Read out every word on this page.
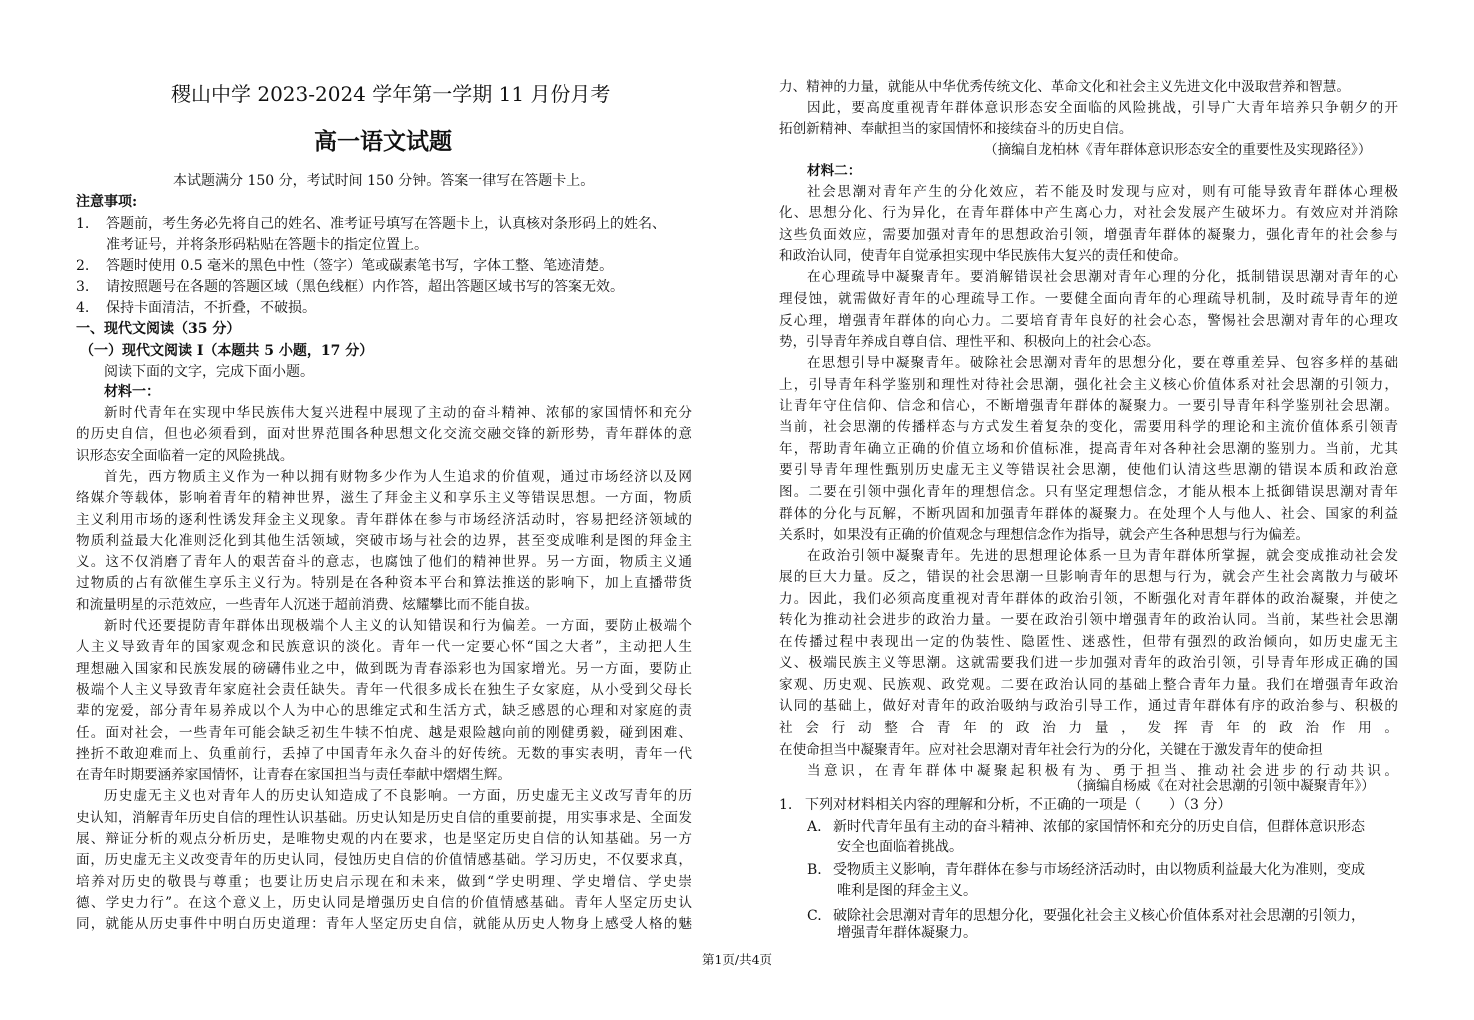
稷山中学 2023-2024 学年第一学期 11 月份月考
高一语文试题
本试题满分 150 分，考试时间 150 分钟。答案一律写在答题卡上。
注意事项:
1. 答题前，考生务必先将自己的姓名、准考证号填写在答题卡上，认真核对条形码上的姓名、
准考证号，并将条形码粘贴在答题卡的指定位置上。
2. 答题时使用 0.5 毫米的黑色中性（签字）笔或碳素笔书写，字体工整、笔迹清楚。
3. 请按照题号在各题的答题区域（黑色线框）内作答，超出答题区域书写的答案无效。
4. 保持卡面清洁，不折叠，不破损。
一、现代文阅读（35 分）
（一）现代文阅读 I（本题共 5 小题，17 分）
阅读下面的文字，完成下面小题。
材料一：
新时代青年在实现中华民族伟大复兴进程中展现了主动的奋斗精神、浓郁的家国情怀和充分
的历史自信，但也必须看到，面对世界范围各种思想文化交流交融交锋的新形势，青年群体的意
识形态安全面临着一定的风险挑战。
首先，西方物质主义作为一种以拥有财物多少作为人生追求的价值观，通过市场经济以及网
络媒介等载体，影响着青年的精神世界，滋生了拜金主义和享乐主义等错误思想。一方面，物质
主义利用市场的逐利性诱发拜金主义现象。青年群体在参与市场经济活动时，容易把经济领域的
物质利益最大化准则泛化到其他生活领域，突破市场与社会的边界，甚至变成唯利是图的拜金主
义。这不仅消磨了青年人的艰苦奋斗的意志，也腐蚀了他们的精神世界。另一方面，物质主义通
过物质的占有欲催生享乐主义行为。特别是在各种资本平台和算法推送的影响下，加上直播带货
和流量明星的示范效应，一些青年人沉迷于超前消费、炫耀攀比而不能自拔。
新时代还要提防青年群体出现极端个人主义的认知错误和行为偏差。一方面，要防止极端个
人主义导致青年的国家观念和民族意识的淡化。青年一代一定要心怀“国之大者”，主动把人生
理想融入国家和民族发展的磅礴伟业之中，做到既为青春添彩也为国家增光。另一方面，要防止
极端个人主义导致青年家庭社会责任缺失。青年一代很多成长在独生子女家庭，从小受到父母长
辈的宠爱，部分青年易养成以个人为中心的思维定式和生活方式，缺乏感恩的心理和对家庭的责
任。面对社会，一些青年可能会缺乏初生牛犊不怕虎、越是艰险越向前的刚健勇毅，碰到困难、
挫折不敢迎难而上、负重前行，丢掉了中国青年永久奋斗的好传统。无数的事实表明，青年一代
在青年时期要涵养家国情怀，让青春在家国担当与责任奉献中熠熠生辉。
历史虚无主义也对青年人的历史认知造成了不良影响。一方面，历史虚无主义改写青年的历
史认知，消解青年历史自信的理性认识基础。历史认知是历史自信的重要前提，用实事求是、全面发
展、辩证分析的观点分析历史，是唯物史观的内在要求，也是坚定历史自信的认知基础。另一方
面，历史虚无主义改变青年的历史认同，侵蚀历史自信的价值情感基础。学习历史，不仅要求真，
培养对历史的敬畏与尊重；也要让历史启示现在和未来，做到“学史明理、学史增信、学史崇
德、学史力行”。在这个意义上，历史认同是增强历史自信的价值情感基础。青年人坚定历史认
同，就能从历史事件中明白历史道理：青年人坚定历史自信，就能从历史人物身上感受人格的魅
力、精神的力量，就能从中华优秀传统文化、革命文化和社会主义先进文化中汲取营养和智慧。
因此，要高度重视青年群体意识形态安全面临的风险挑战，引导广大青年培养只争朝夕的开
拓创新精神、奉献担当的家国情怀和接续奋斗的历史自信。
（摘编自龙柏林《青年群体意识形态安全的重要性及实现路径》）
材料二：
社会思潮对青年产生的分化效应，若不能及时发现与应对，则有可能导致青年群体心理极
化、思想分化、行为异化，在青年群体中产生离心力，对社会发展产生破坏力。有效应对并消除
这些负面效应，需要加强对青年的思想政治引领，增强青年群体的凝聚力，强化青年的社会参与
和政治认同，使青年自觉承担实现中华民族伟大复兴的责任和使命。
在心理疏导中凝聚青年。要消解错误社会思潮对青年心理的分化，抵制错误思潮对青年的心
理侵蚀，就需做好青年的心理疏导工作。一要健全面向青年的心理疏导机制，及时疏导青年的逆
反心理，增强青年群体的向心力。二要培育青年良好的社会心态，警惕社会思潮对青年的心理攻
势，引导青年养成自尊自信、理性平和、积极向上的社会心态。
在思想引导中凝聚青年。破除社会思潮对青年的思想分化，要在尊重差异、包容多样的基础
上，引导青年科学鉴别和理性对待社会思潮，强化社会主义核心价值体系对社会思潮的引领力，
让青年守住信仰、信念和信心，不断增强青年群体的凝聚力。一要引导青年科学鉴别社会思潮。
当前，社会思潮的传播样态与方式发生着复杂的变化，需要用科学的理论和主流价值体系引领青
年，帮助青年确立正确的价值立场和价值标准，提高青年对各种社会思潮的鉴别力。当前，尤其
要引导青年理性甄别历史虚无主义等错误社会思潮，使他们认清这些思潮的错误本质和政治意
图。二要在引领中强化青年的理想信念。只有坚定理想信念，才能从根本上抵御错误思潮对青年
群体的分化与瓦解，不断巩固和加强青年群体的凝聚力。在处理个人与他人、社会、国家的利益
关系时，如果没有正确的价值观念与理想信念作为指导，就会产生各种思想与行为偏差。
在政治引领中凝聚青年。先进的思想理论体系一旦为青年群体所掌握，就会变成推动社会发
展的巨大力量。反之，错误的社会思潮一旦影响青年的思想与行为，就会产生社会离散力与破坏
力。因此，我们必须高度重视对青年群体的政治引领，不断强化对青年群体的政治凝聚，并使之
转化为推动社会进步的政治力量。一要在政治引领中增强青年的政治认同。当前，某些社会思潮
在传播过程中表现出一定的伪装性、隐匿性、迷惑性，但带有强烈的政治倾向，如历史虚无主
义、极端民族主义等思潮。这就需要我们进一步加强对青年的政治引领，引导青年形成正确的国
家观、历史观、民族观、政党观。二要在政治认同的基础上整合青年力量。我们在增强青年政治
认同的基础上，做好对青年的政治吸纳与政治引导工作，通过青年群体有序的政治参与、积极的
社会行动整合青年的政治力量，发挥青年的政治作用。
在使命担当中凝聚青年。应对社会思潮对青年社会行为的分化，关键在于激发青年的使命担
当意识，在青年群体中凝聚起积极有为、勇于担当、推动社会进步的行动共识。
（摘编自杨威《在对社会思潮的引领中凝聚青年》）
1. 下列对材料相关内容的理解和分析，不正确的一项是（　　）（3 分）
A. 新时代青年虽有主动的奋斗精神、浓郁的家国情怀和充分的历史自信，但群体意识形态
安全也面临着挑战。
B. 受物质主义影响，青年群体在参与市场经济活动时，由以物质利益最大化为准则，变成
唯利是图的拜金主义。
C. 破除社会思潮对青年的思想分化，要强化社会主义核心价值体系对社会思潮的引领力，
增强青年群体凝聚力。
第1页/共4页
